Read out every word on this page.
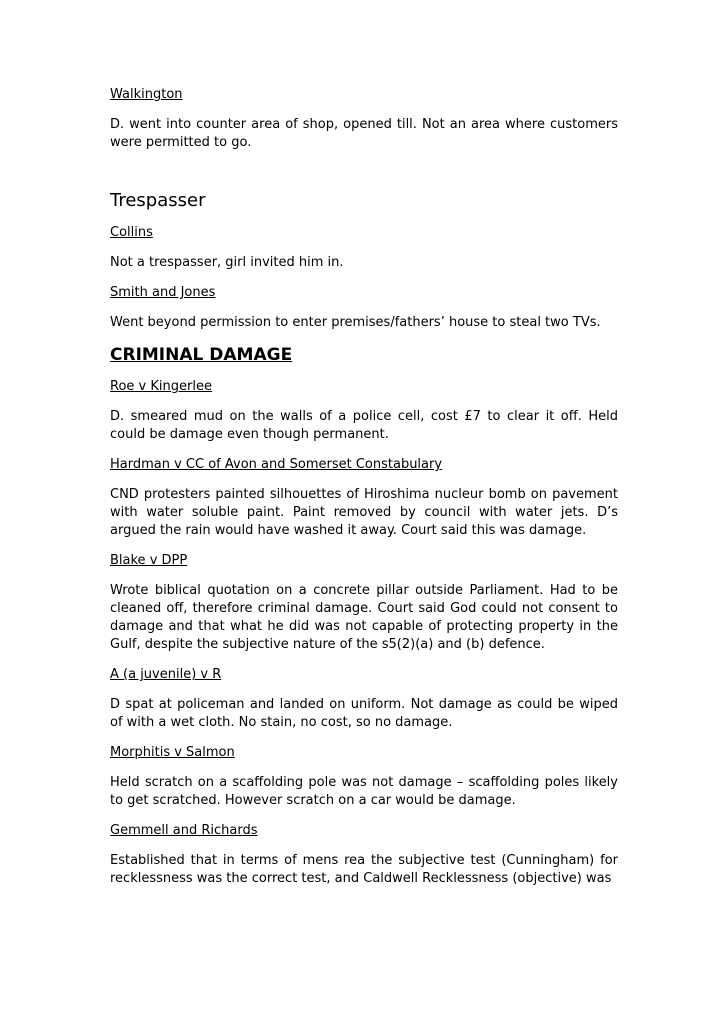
Walkington

D. went into counter area of shop, opened till. Not an area where customers were permitted to go.

Trespasser
Collins

Not a trespasser, girl invited him in.

Smith and Jones

Went beyond permission to enter premises/fathers’ house to steal two TVs.

CRIMINAL DAMAGE
Roe v Kingerlee

D. smeared mud on the walls of a police cell, cost £7 to clear it off. Held could be damage even though permanent.

Hardman v CC of Avon and Somerset Constabulary

CND protesters painted silhouettes of Hiroshima nucleur bomb on pavement with water soluble paint. Paint removed by council with water jets. D’s argued the rain would have washed it away. Court said this was damage.

Blake v DPP

Wrote biblical quotation on a concrete pillar outside Parliament. Had to be cleaned off, therefore criminal damage. Court said God could not consent to damage and that what he did was not capable of protecting property in the Gulf, despite the subjective nature of the s5(2)(a) and (b) defence.

A (a juvenile) v R

D spat at policeman and landed on uniform. Not damage as could be wiped of with a wet cloth. No stain, no cost, so no damage.

Morphitis v Salmon

Held scratch on a scaffolding pole was not damage – scaffolding poles likely to get scratched. However scratch on a car would be damage.

Gemmell and Richards

Established that in terms of mens rea the subjective test (Cunningham) for recklessness was the correct test, and Caldwell Recklessness (objective) was
